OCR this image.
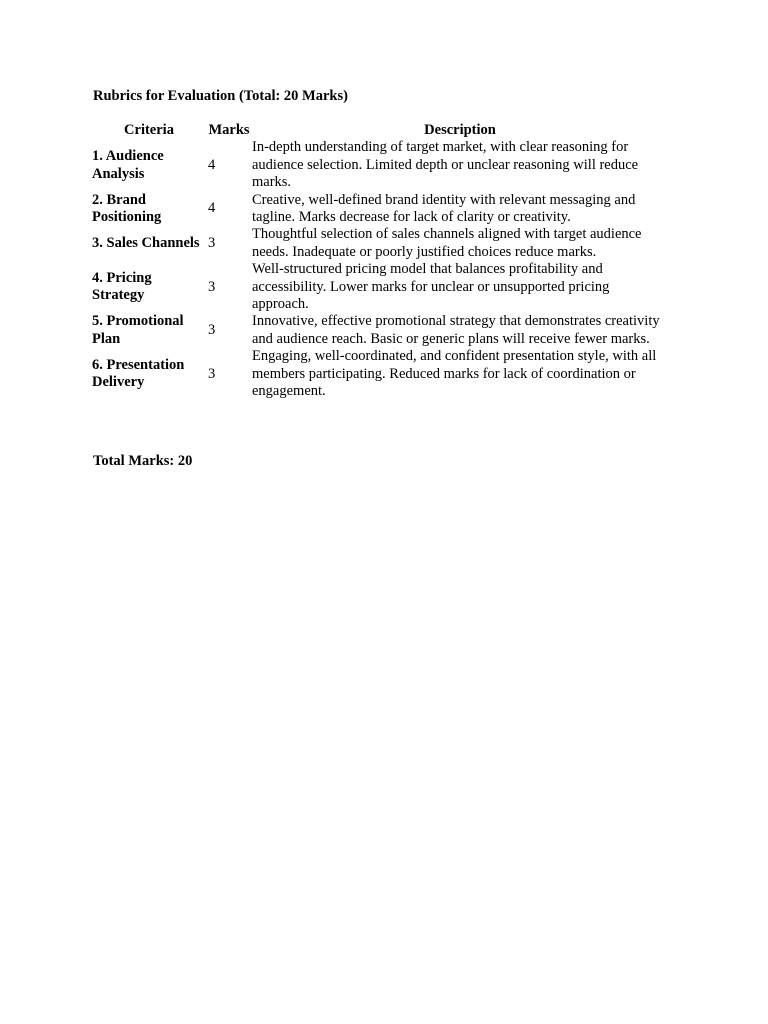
Rubrics for Evaluation (Total: 20 Marks)
Criteria	Marks	Description
1. Audience Analysis	4	In-depth understanding of target market, with clear reasoning for audience selection. Limited depth or unclear reasoning will reduce marks.
2. Brand Positioning	4	Creative, well-defined brand identity with relevant messaging and tagline. Marks decrease for lack of clarity or creativity.
3. Sales Channels	3	Thoughtful selection of sales channels aligned with target audience needs. Inadequate or poorly justified choices reduce marks.
4. Pricing Strategy	3	Well-structured pricing model that balances profitability and accessibility. Lower marks for unclear or unsupported pricing approach.
5. Promotional Plan	3	Innovative, effective promotional strategy that demonstrates creativity and audience reach. Basic or generic plans will receive fewer marks.
6. Presentation Delivery	3	Engaging, well-coordinated, and confident presentation style, with all members participating. Reduced marks for lack of coordination or engagement.
Total Marks: 20
